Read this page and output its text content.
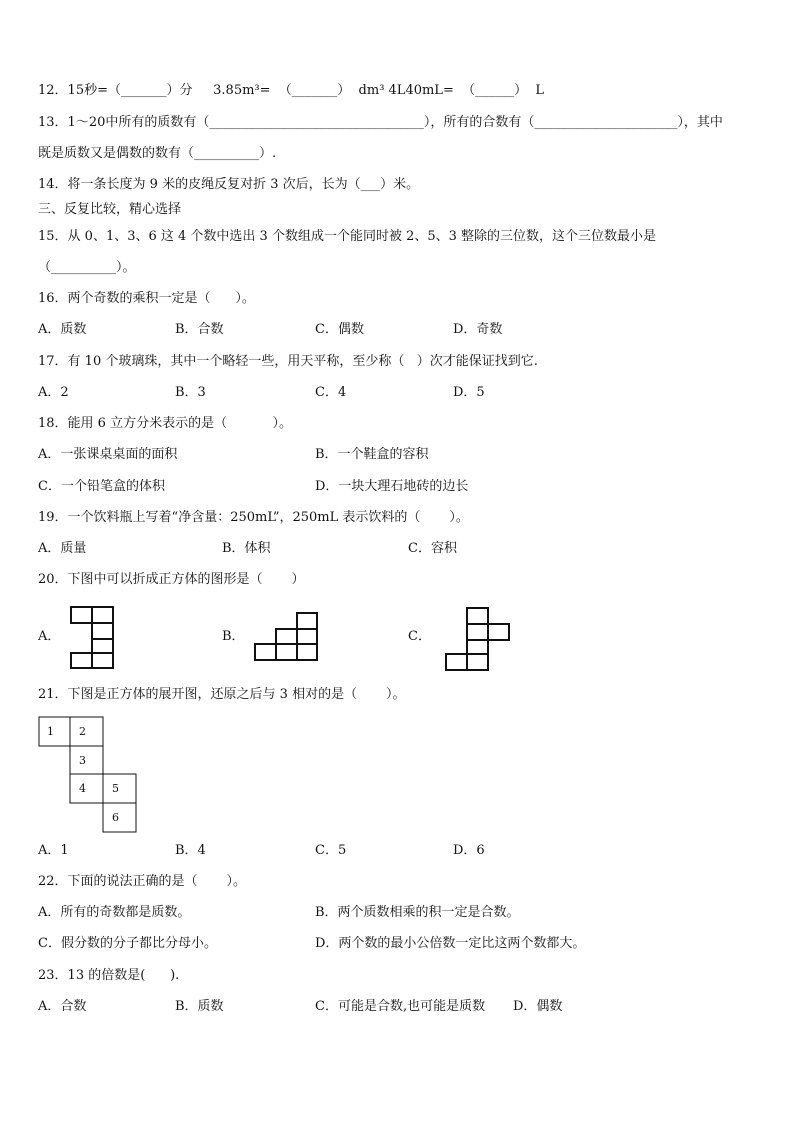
12．15秒=（_______）分     3.85m³=  （_______）  dm³ 4L40mL=  （______）  L
13．1～20中所有的质数有（_________________________________），所有的合数有（______________________），其中
既是质数又是偶数的数有（__________）.
14．将一条长度为 9 米的皮绳反复对折 3 次后，长为（___）米。
三、反复比较，精心选择
15．从 0、1、3、6 这 4 个数中选出 3 个数组成一个能同时被 2、5、3 整除的三位数，这个三位数最小是
（__________）。
16．两个奇数的乘积一定是（      ）。
A．质数	B．合数	C．偶数	D．奇数
17．有 10 个玻璃珠，其中一个略轻一些，用天平称，至少称（   ）次才能保证找到它.
A．2	B．3	C．4	D．5
18．能用 6 立方分米表示的是（           ）。
A．一张课桌桌面的面积	B．一个鞋盒的容积
C．一个铅笔盒的体积	D．一块大理石地砖的边长
19．一个饮料瓶上写着“净含量：250mL”，250mL 表示饮料的（       ）。
A．质量	B．体积	C．容积
20．下图中可以折成正方体的图形是（       ）
A．	B．	C．
21．下图是正方体的展开图，还原之后与 3 相对的是（       ）。
1 2
3
4 5
6
A．1	B．4	C．5	D．6
22．下面的说法正确的是（       ）。
A．所有的奇数都是质数。	B．两个质数相乘的积一定是合数。
C．假分数的分子都比分母小。	D．两个数的最小公倍数一定比这两个数都大。
23．13 的倍数是(      ).
A．合数	B．质数	C．可能是合数,也可能是质数 D．偶数
